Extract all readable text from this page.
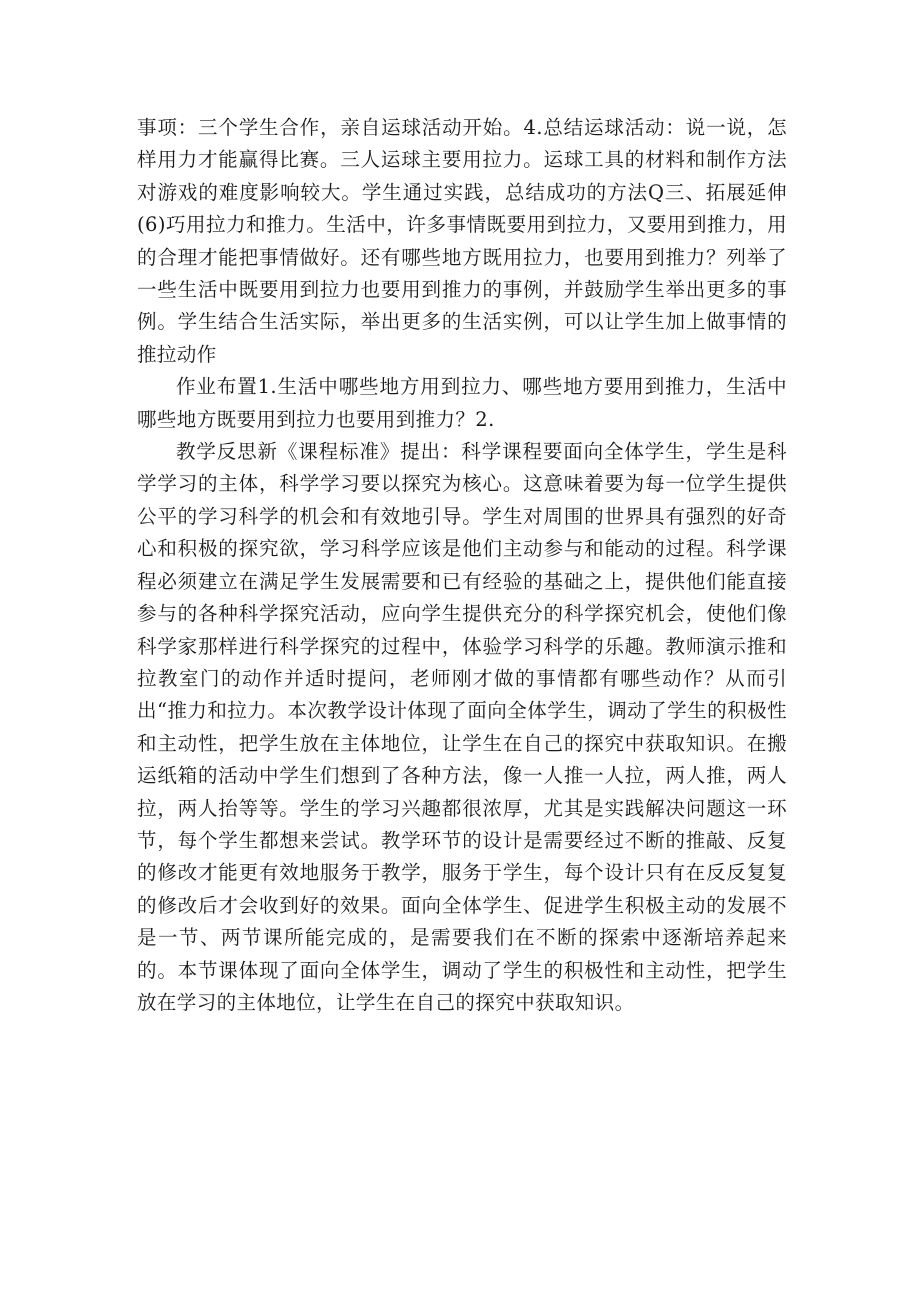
事项：三个学生合作，亲自运球活动开始。4.总结运球活动：说一说，怎样用力才能赢得比赛。三人运球主要用拉力。运球工具的材料和制作方法对游戏的难度影响较大。学生通过实践，总结成功的方法Q三、拓展延伸(6)巧用拉力和推力。生活中，许多事情既要用到拉力，又要用到推力，用的合理才能把事情做好。还有哪些地方既用拉力，也要用到推力？列举了一些生活中既要用到拉力也要用到推力的事例，并鼓励学生举出更多的事例。学生结合生活实际，举出更多的生活实例，可以让学生加上做事情的推拉动作

作业布置1.生活中哪些地方用到拉力、哪些地方要用到推力，生活中哪些地方既要用到拉力也要用到推力？2.

教学反思新《课程标准》提出：科学课程要面向全体学生，学生是科学学习的主体，科学学习要以探究为核心。这意味着要为每一位学生提供公平的学习科学的机会和有效地引导。学生对周围的世界具有强烈的好奇心和积极的探究欲，学习科学应该是他们主动参与和能动的过程。科学课程必须建立在满足学生发展需要和已有经验的基础之上，提供他们能直接参与的各种科学探究活动，应向学生提供充分的科学探究机会，使他们像科学家那样进行科学探究的过程中，体验学习科学的乐趣。教师演示推和拉教室门的动作并适时提问，老师刚才做的事情都有哪些动作？从而引出“推力和拉力。本次教学设计体现了面向全体学生，调动了学生的积极性和主动性，把学生放在主体地位，让学生在自己的探究中获取知识。在搬运纸箱的活动中学生们想到了各种方法，像一人推一人拉，两人推，两人拉，两人抬等等。学生的学习兴趣都很浓厚，尤其是实践解决问题这一环节，每个学生都想来尝试。教学环节的设计是需要经过不断的推敲、反复的修改才能更有效地服务于教学，服务于学生，每个设计只有在反反复复的修改后才会收到好的效果。面向全体学生、促进学生积极主动的发展不是一节、两节课所能完成的，是需要我们在不断的探索中逐渐培养起来的。本节课体现了面向全体学生，调动了学生的积极性和主动性，把学生放在学习的主体地位，让学生在自己的探究中获取知识。
